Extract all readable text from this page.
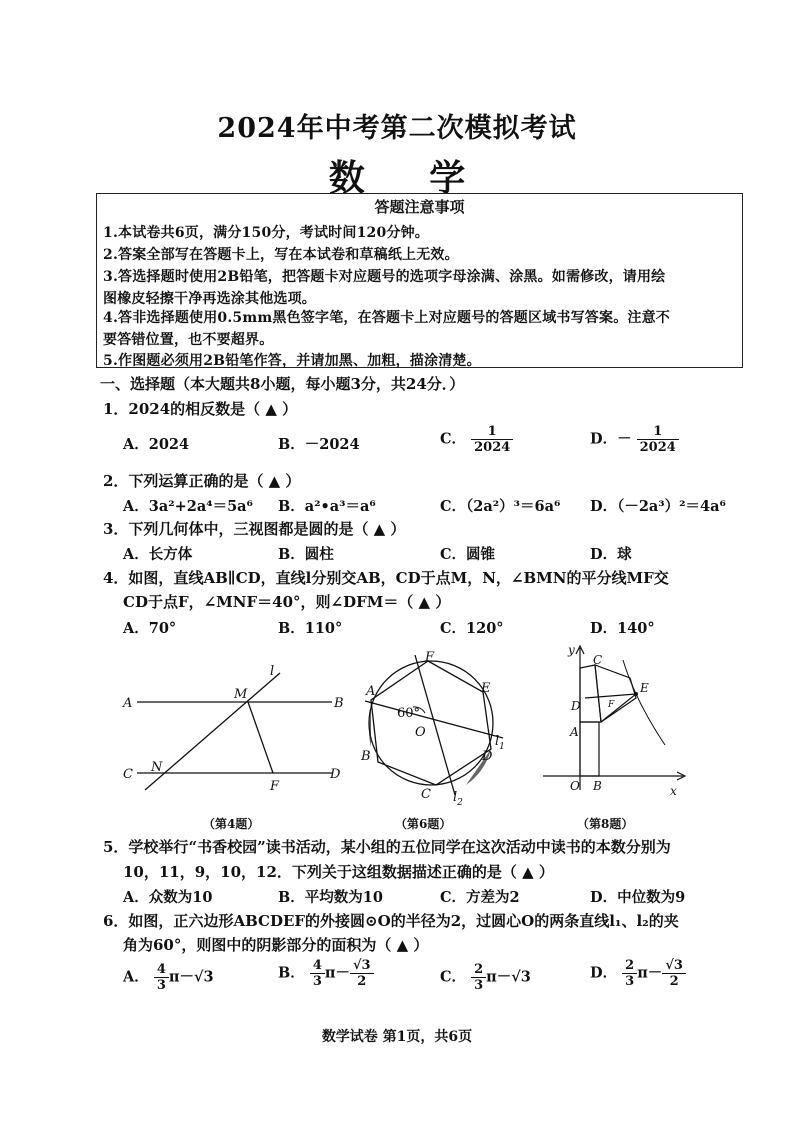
2024年中考第二次模拟考试
数 学
答题注意事项
1.本试卷共6页，满分150分，考试时间120分钟。
2.答案全部写在答题卡上，写在本试卷和草稿纸上无效。
3.答选择题时使用2B铅笔，把答题卡对应题号的选项字母涂满、涂黑。如需修改，请用绘
图橡皮轻擦干净再选涂其他选项。
4.答非选择题使用0.5mm黑色签字笔，在答题卡上对应题号的答题区域书写答案。注意不
要答错位置，也不要超界。
5.作图题必须用2B铅笔作答，并请加黑、加粗，描涂清楚。
一、选择题（本大题共8小题，每小题3分，共24分．）
1．2024的相反数是（ ▲ ）
A．2024	B．－2024	C． $\frac{1}{2024}$	D．－ $\frac{1}{2024}$
2．下列运算正确的是（ ▲ ）
A．3a²+2a⁴＝5a⁶ B．a²•a³＝a⁶	C．（2a²）³＝6a⁶ D．（－2a³）²＝4a⁶
3．下列几何体中，三视图都是圆的是（ ▲ ）
A．长方体	B．圆柱	C．圆锥	D．球
4．如图，直线AB∥CD，直线l分别交AB，CD于点M，N，∠BMN的平分线MF交
CD于点F，∠MNF＝40°，则∠DFM＝（ ▲ ）
A．70°	B．110°	C．120°	D．140°
l
A
M
B
C N
F
D
（第4题）
F
E
A
60°
O
$l_1$
B	D
C $l_2$
（第6题）
y
C
E
D	F
A
O B	x
（第8题）
5．学校举行“书香校园”读书活动，某小组的五位同学在这次活动中读书的本数分别为
10，11，9，10，12．下列关于这组数据描述正确的是（ ▲ ）
A．众数为10	B．平均数为10	C．方差为2	D．中位数为9
6．如图，正六边形ABCDEF的外接圆⊙O的半径为2，过圆心O的两条直线l₁、l₂的夹
角为60°，则图中的阴影部分的面积为（ ▲ ）
A． $\frac{4}{3} \pi-√3$	B． $\frac{4}{3} \pi- \frac{√3}{2}$	C． $\frac{2}{3} \pi-√3$	D． $\frac{2}{3} \pi- \frac{√3}{2}$
数学试卷 第1页，共6页
